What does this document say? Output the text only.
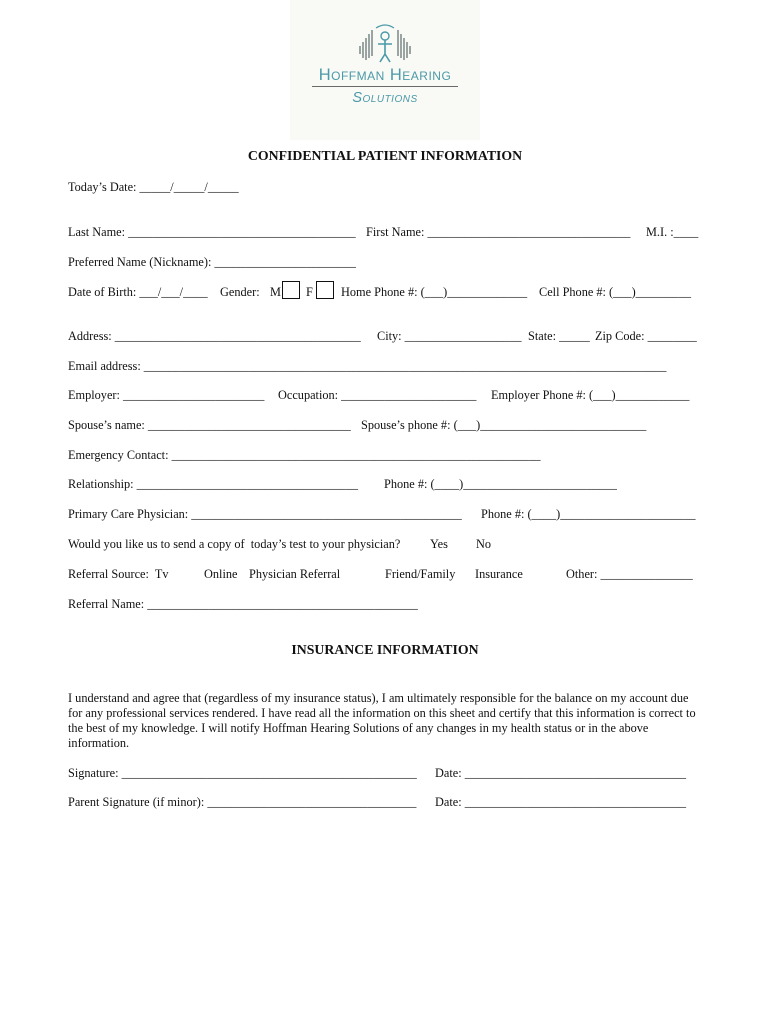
Hoffman Hearing
Solutions
CONFIDENTIAL PATIENT INFORMATION
Today’s Date: _____/_____/_____
Last Name: _____________________________________ First Name: _________________________________ M.I. :____
Preferred Name (Nickname): _______________________
Date of Birth: ___/___/____ Gender: M F Home Phone #: (___)_____________ Cell Phone #: (___)_________
Address: ________________________________________ City: ___________________ State: _____ Zip Code: ________
Email address: _____________________________________________________________________________________
Employer: _______________________ Occupation: ______________________ Employer Phone #: (___)____________
Spouse’s name: _________________________________ Spouse’s phone #: (___)___________________________
Emergency Contact: ____________________________________________________________
Relationship: ____________________________________ Phone #: (____)_________________________
Primary Care Physician: ____________________________________________ Phone #: (____)______________________
Would you like us to send a copy of  today’s test to your physician? Yes No
Referral Source:  Tv	Online Physician Referral	Friend/Family Insurance	Other: _______________
Referral Name: ____________________________________________
INSURANCE INFORMATION
I understand and agree that (regardless of my insurance status), I am ultimately responsible for the balance on my account due for any professional services rendered. I have read all the information on this sheet and certify that this information is correct to the best of my knowledge. I will notify Hoffman Hearing Solutions of any changes in my health status or in the above information.
Signature: ________________________________________________ Date: ____________________________________
Parent Signature (if minor): __________________________________ Date: ____________________________________
